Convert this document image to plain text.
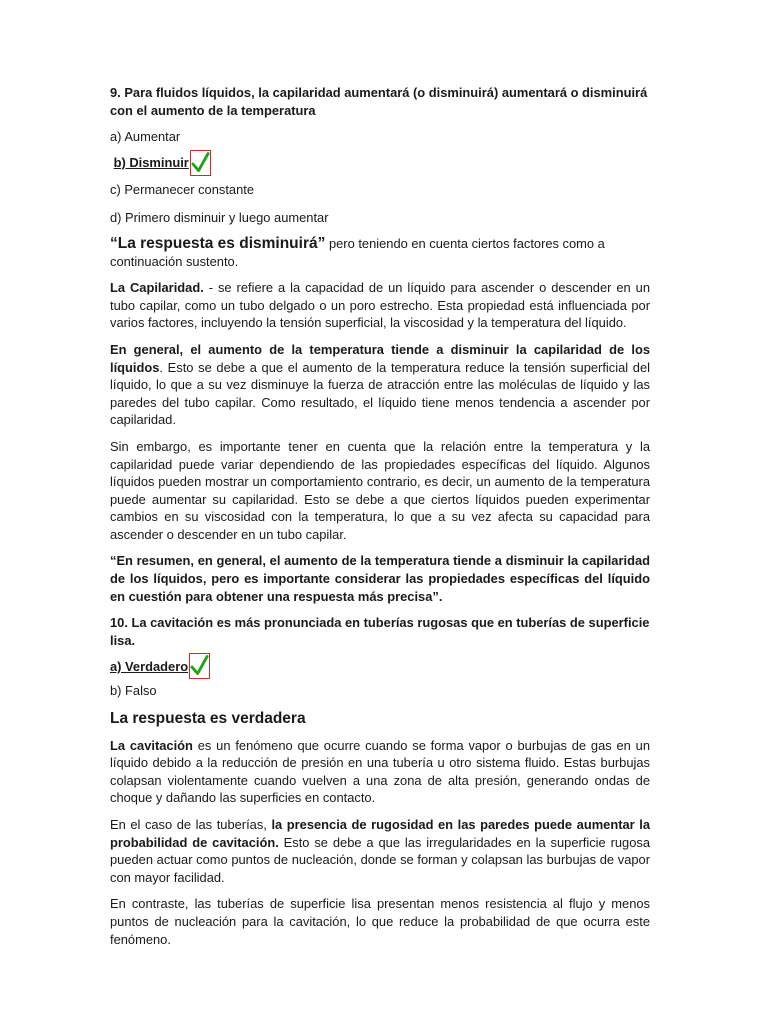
9. Para fluidos líquidos, la capilaridad aumentará (o disminuirá) aumentará o disminuirá con el aumento de la temperatura

a) Aumentar

b) Disminuir

c) Permanecer constante

d) Primero disminuir y luego aumentar

“La respuesta es disminuirá” pero teniendo en cuenta ciertos factores como a continuación sustento.

La Capilaridad. - se refiere a la capacidad de un líquido para ascender o descender en un tubo capilar, como un tubo delgado o un poro estrecho. Esta propiedad está influenciada por varios factores, incluyendo la tensión superficial, la viscosidad y la temperatura del líquido.

En general, el aumento de la temperatura tiende a disminuir la capilaridad de los líquidos. Esto se debe a que el aumento de la temperatura reduce la tensión superficial del líquido, lo que a su vez disminuye la fuerza de atracción entre las moléculas de líquido y las paredes del tubo capilar. Como resultado, el líquido tiene menos tendencia a ascender por capilaridad.

Sin embargo, es importante tener en cuenta que la relación entre la temperatura y la capilaridad puede variar dependiendo de las propiedades específicas del líquido. Algunos líquidos pueden mostrar un comportamiento contrario, es decir, un aumento de la temperatura puede aumentar su capilaridad. Esto se debe a que ciertos líquidos pueden experimentar cambios en su viscosidad con la temperatura, lo que a su vez afecta su capacidad para ascender o descender en un tubo capilar.

“En resumen, en general, el aumento de la temperatura tiende a disminuir la capilaridad de los líquidos, pero es importante considerar las propiedades específicas del líquido en cuestión para obtener una respuesta más precisa”.

10. La cavitación es más pronunciada en tuberías rugosas que en tuberías de superficie lisa.

a) Verdadero

b) Falso

La respuesta es verdadera

La cavitación es un fenómeno que ocurre cuando se forma vapor o burbujas de gas en un líquido debido a la reducción de presión en una tubería u otro sistema fluido. Estas burbujas colapsan violentamente cuando vuelven a una zona de alta presión, generando ondas de choque y dañando las superficies en contacto.

En el caso de las tuberías, la presencia de rugosidad en las paredes puede aumentar la probabilidad de cavitación. Esto se debe a que las irregularidades en la superficie rugosa pueden actuar como puntos de nucleación, donde se forman y colapsan las burbujas de vapor con mayor facilidad.

En contraste, las tuberías de superficie lisa presentan menos resistencia al flujo y menos puntos de nucleación para la cavitación, lo que reduce la probabilidad de que ocurra este fenómeno.
